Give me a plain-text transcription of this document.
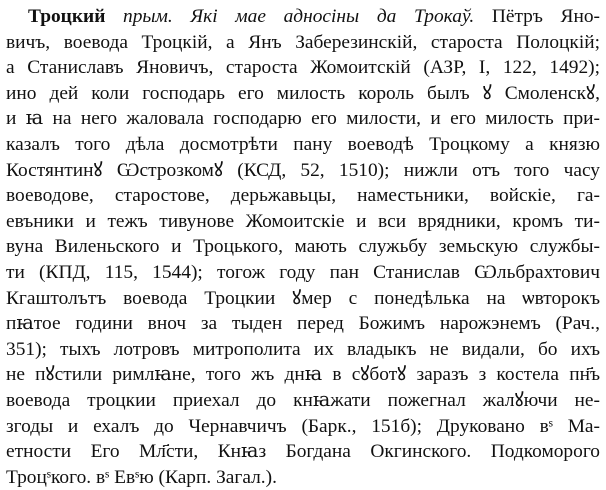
Троцкий прым. Які мае адносіны да Трокаў. Пётръ Яно-
вичъ, воевода Троцкій, а Янъ Заберезинскій, староста Полоцкій;
а Станиславъ Яновичъ, староста Жомоитскій (АЗР, І, 122, 1492);
ино дей коли господарь его милость король былъ ꙋ Смоленскꙋ,
и ꙗ на него жаловала господарю его милости, и его милость при-
казалъ того дѣла досмотрѣти пану воеводѣ Троцкому а князю
Костянтинꙋ Ѡстрозкомꙋ (КСД, 52, 1510); нижли отъ того часу
воеводове, старостове, дерьжавьцы, наместьники, войскіе, га-
евъники и тежъ тивунове Жомоитскіе и вси врядники, кромъ ти-
вуна Виленьского и Троцького, мають служьбу земьскую службы-
ти (КПД, 115, 1544); тогож году пан Станислав Ѡльбрахтович
Кгаштолътъ воевода Троцкии ꙋмер с понедѣлька на ѡвторокъ
пꙗтое години вноч за тыден перед Божимъ нарожэнемъ (Рач.,
351); тыхъ лотровъ митрополита их владыкъ не видали, бо ихъ
не пꙋстили римлꙗне, того жъ днꙗ в сꙋботꙋ заразъ з костела пн҃ъ
воевода троцкии приехал до кнꙗжати пожегнал жалꙋючи не-
згоды и ехалъ до Чернавчичъ (Барк., 151б); Друковано вˢ Ма-
етности Его Мл҃сти, Кнꙗз Богдана Окгинского. Подкоморого
Троцˢкого. вˢ Евˢю (Карп. Загал.).
